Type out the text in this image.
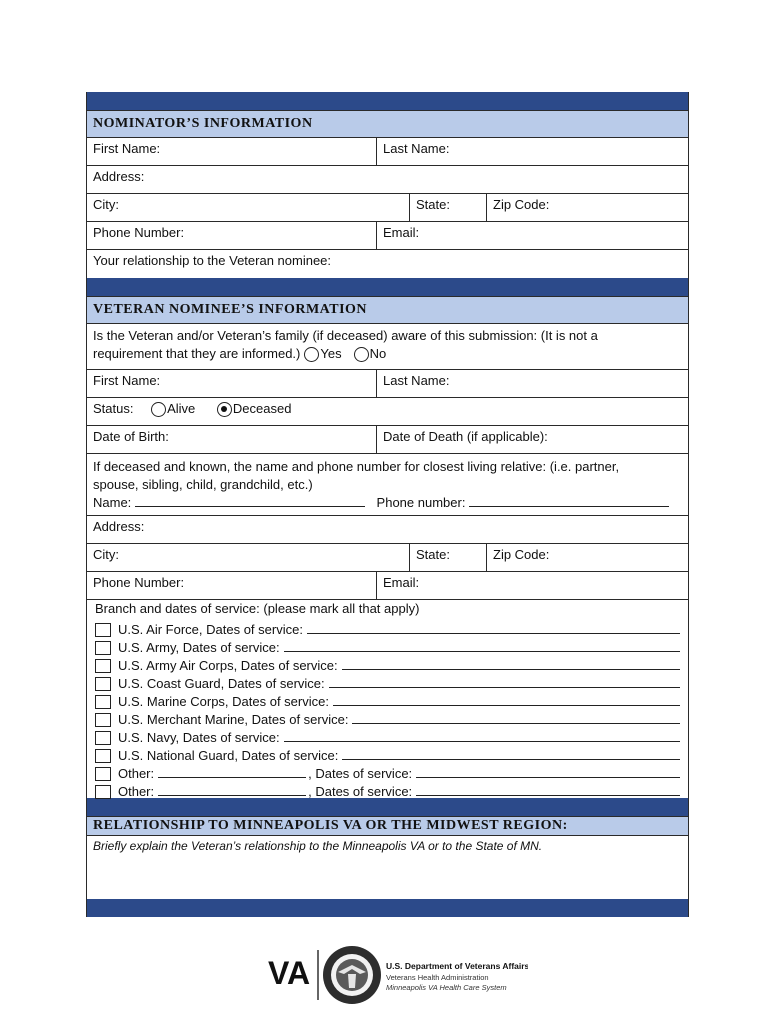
NOMINATOR’S INFORMATION
First Name:	Last Name:
Address:
City:	State:	Zip Code:
Phone Number:	Email:
Your relationship to the Veteran nominee:
VETERAN NOMINEE’S INFORMATION
Is the Veteran and/or Veteran’s family (if deceased) aware of this submission: (It is not a
requirement that they are informed.) Yes No
First Name:	Last Name:
Status:	Alive	Deceased
Date of Birth:	Date of Death (if applicable):
If deceased and known, the name and phone number for closest living relative: (i.e. partner,
spouse, sibling, child, grandchild, etc.)
Name:	Phone number:
Address:
City:	State:	Zip Code:
Phone Number:	Email:
Branch and dates of service: (please mark all that apply)
U.S. Air Force, Dates of service:
U.S. Army, Dates of service:
U.S. Army Air Corps, Dates of service:
U.S. Coast Guard, Dates of service:
U.S. Marine Corps, Dates of service:
U.S. Merchant Marine, Dates of service:
U.S. Navy, Dates of service:
U.S. National Guard, Dates of service:
Other:	, Dates of service:
Other:	, Dates of service:
RELATIONSHIP TO MINNEAPOLIS VA OR THE MIDWEST REGION:
Briefly explain the Veteran’s relationship to the Minneapolis VA or to the State of MN.
VA	U.S. Department of Veterans Affairs
Veterans Health Administration
Minneapolis VA Health Care System
